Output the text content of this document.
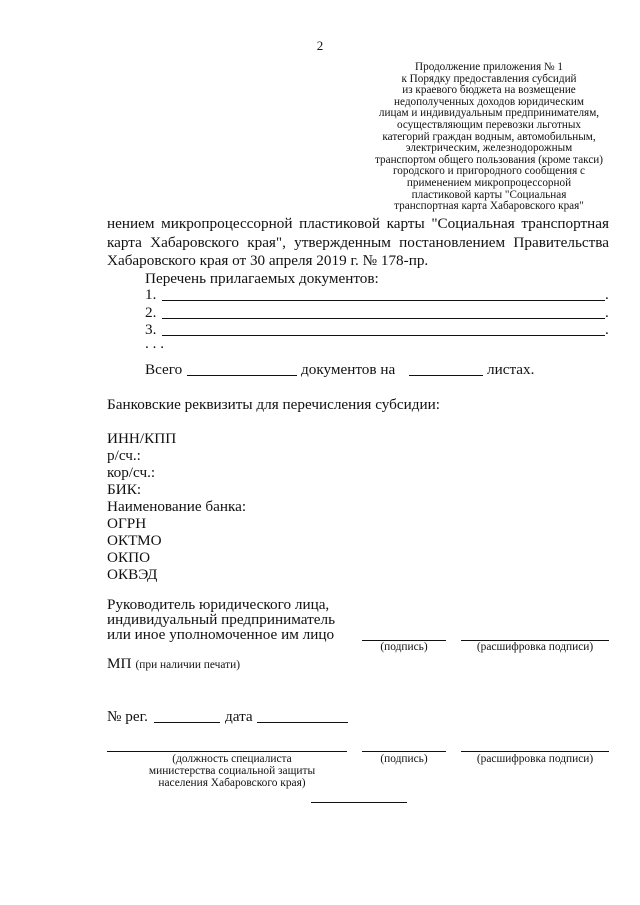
2
Продолжение приложения № 1
к Порядку предоставления субсидий
из краевого бюджета на возмещение
недополученных доходов юридическим
лицам и индивидуальным предпринимателям,
осуществляющим перевозки льготных
категорий граждан водным, автомобильным,
электрическим, железнодорожным
транспортом общего пользования (кроме такси)
городского и пригородного сообщения с
применением микропроцессорной
пластиковой карты "Социальная
транспортная карта Хабаровского края"
нением микропроцессорной пластиковой карты "Социальная транспортная
карта Хабаровского края", утвержденным постановлением Правительства
Хабаровского края от 30 апреля 2019 г. № 178-пр.
Перечень прилагаемых документов:
1.	.
2.	.
3.	.
. . .
Всего	документов на	листах.
Банковские реквизиты для перечисления субсидии:
ИНН/КПП
р/сч.:
кор/сч.:
БИК:
Наименование банка:
ОГРН
ОКТМО
ОКПО
ОКВЭД
Руководитель юридического лица,
индивидуальный предприниматель
или иное уполномоченное им лицо
(подпись)	(расшифровка подписи)
МП (при наличии печати)
№ рег.	дата
(должность специалиста
министерства социальной защиты
населения Хабаровского края)
(подпись)	(расшифровка подписи)
